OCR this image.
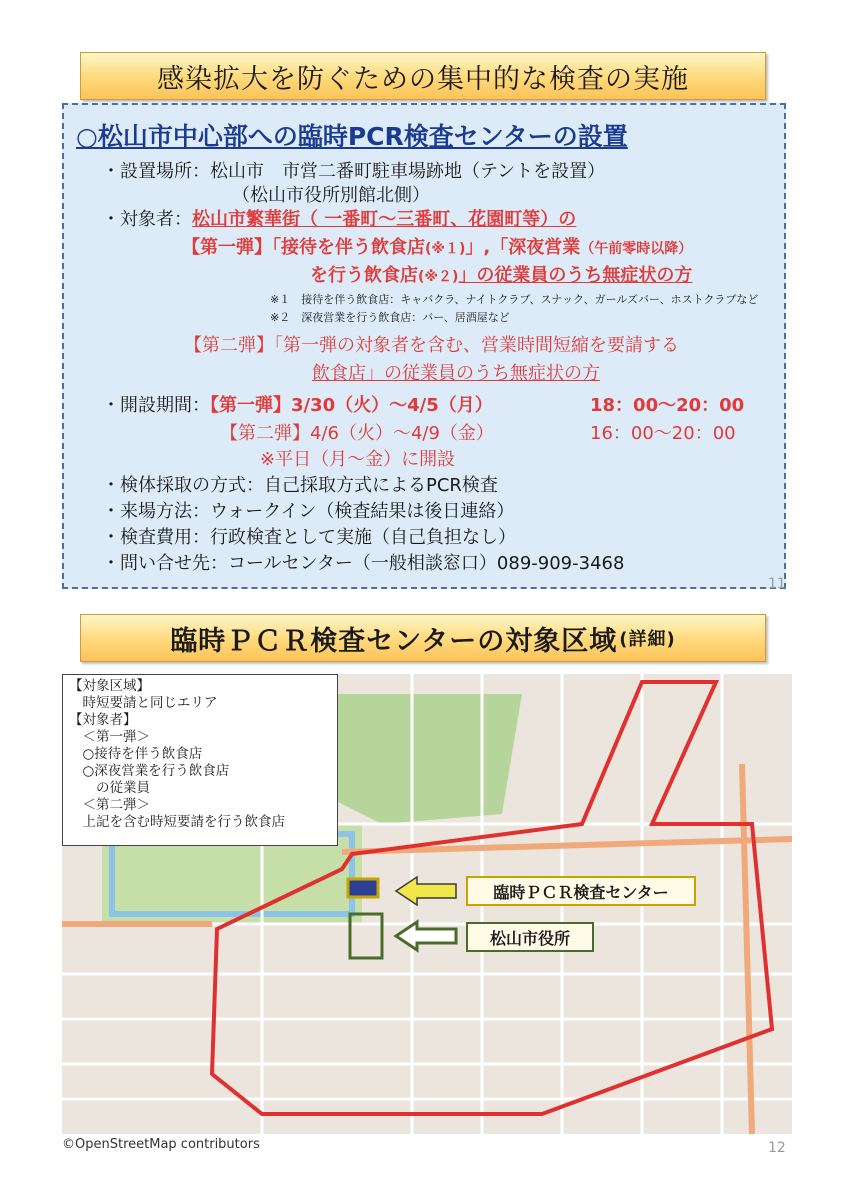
感染拡大を防ぐための集中的な検査の実施
○松山市中心部への臨時PCR検査センターの設置
・設置場所：松山市　市営二番町駐車場跡地（テントを設置）
（松山市役所別館北側）
・対象者：松山市繁華街（ 一番町～三番町、花園町等）の
【第一弾】「接待を伴う飲食店(※１)」,「深夜営業（午前零時以降）
を行う飲食店(※２)」の従業員のうち無症状の方
※１　接待を伴う飲食店：キャバクラ、ナイトクラブ、スナック、ガールズバー、ホストクラブなど
※２　深夜営業を行う飲食店：バー、居酒屋など
【第二弾】「第一弾の対象者を含む、営業時間短縮を要請する
飲食店」の従業員のうち無症状の方
・開設期間：【第一弾】3/30（火）～4/5（月）	18：00～20：00
【第二弾】4/6（火）～4/9（金）	16：00～20：00
※平日（月～金）に開設
・検体採取の方式：自己採取方式によるPCR検査
・来場方法：ウォークイン（検査結果は後日連絡）
・検査費用：行政検査として実施（自己負担なし）
・問い合せ先：コールセンター（一般相談窓口）089-909-3468
11
臨時ＰＣＲ検査センターの対象区域 (詳細)
【対象区域】
　時短要請と同じエリア
【対象者】
　＜第一弾＞
　○接待を伴う飲食店
　○深夜営業を行う飲食店
　　の従業員
　＜第二弾＞
　上記を含む時短要請を行う飲食店
臨時ＰＣＲ検査センター
松山市役所
©OpenStreetMap contributors	12
